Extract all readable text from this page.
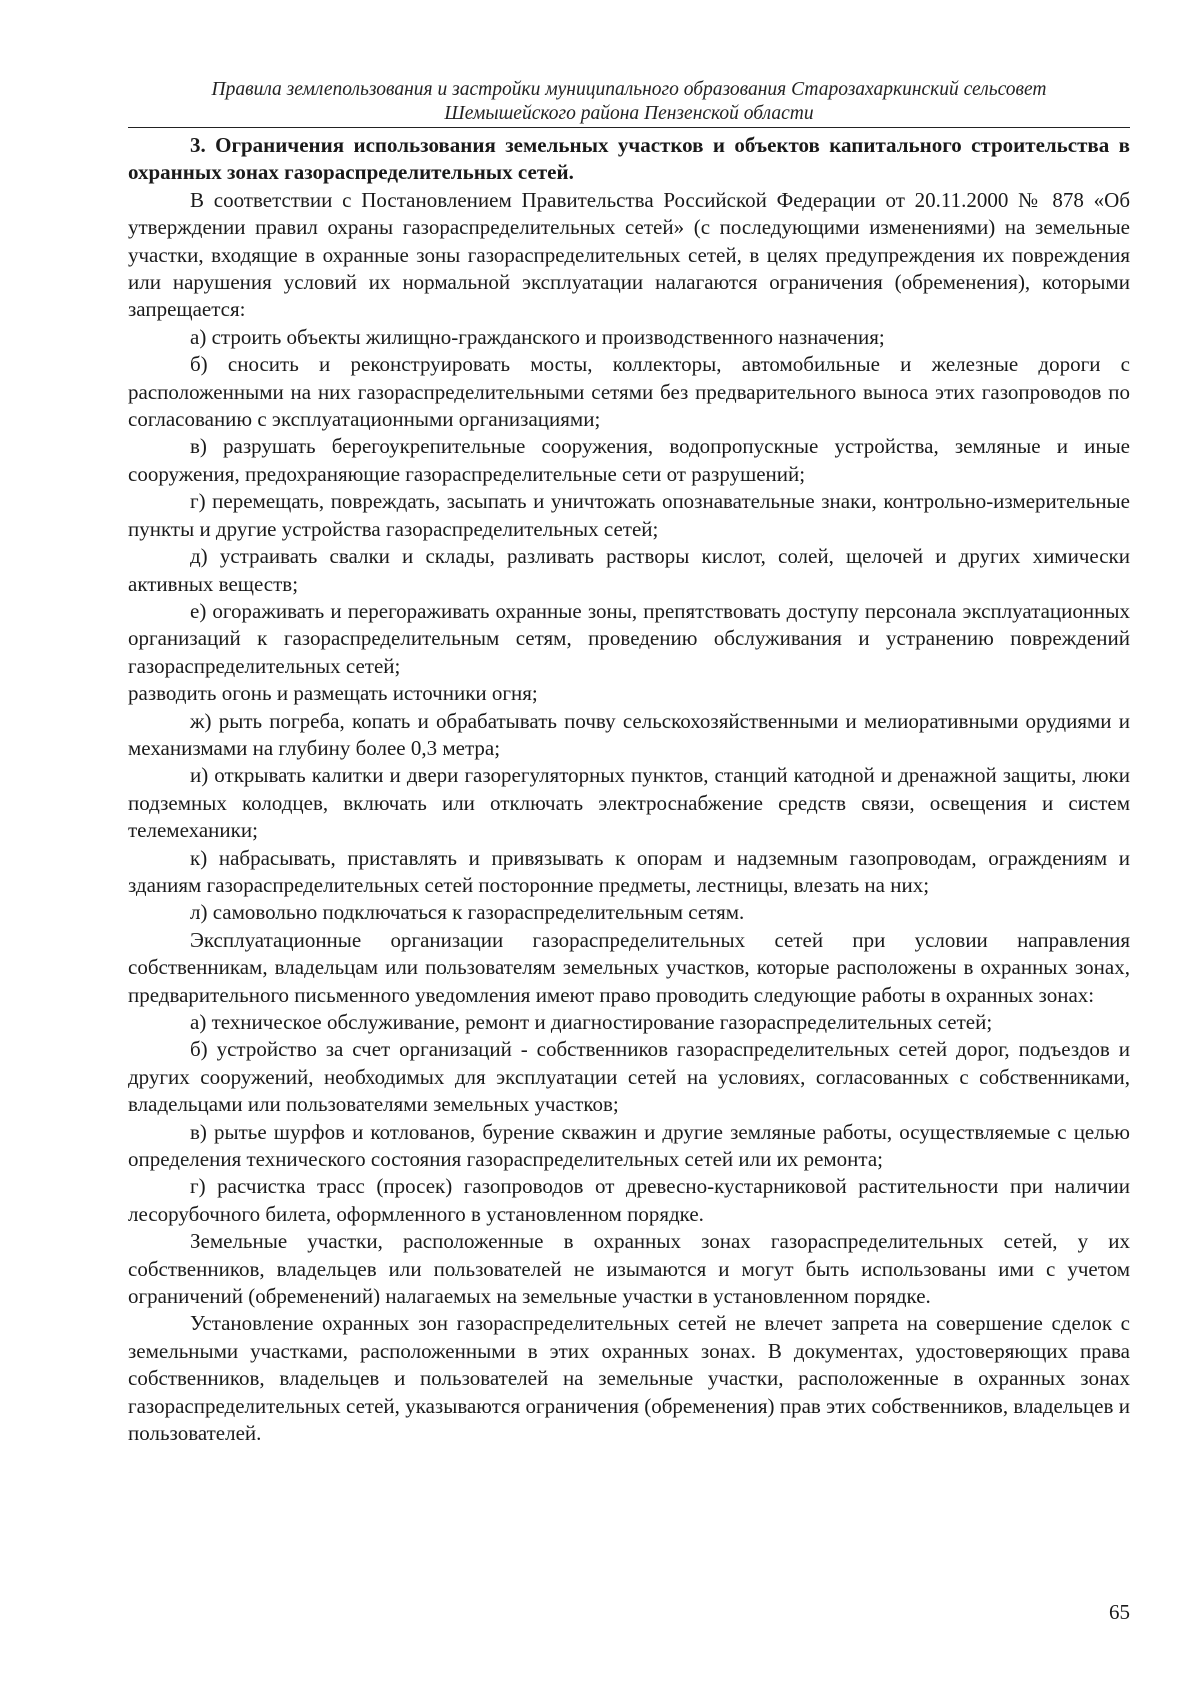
Правила землепользования и застройки муниципального образования Старозахаркинский сельсовет
Шемышейского района Пензенской области

3. Ограничения использования земельных участков и объектов капитального строительства в охранных зонах газораспределительных сетей.

В соответствии с Постановлением Правительства Российской Федерации от 20.11.2000 № 878 «Об утверждении правил охраны газораспределительных сетей» (с последующими изменениями) на земельные участки, входящие в охранные зоны газораспределительных сетей, в целях предупреждения их повреждения или нарушения условий их нормальной эксплуатации налагаются ограничения (обременения), которыми запрещается:

а) строить объекты жилищно-гражданского и производственного назначения;

б) сносить и реконструировать мосты, коллекторы, автомобильные и железные дороги с расположенными на них газораспределительными сетями без предварительного выноса этих газопроводов по согласованию с эксплуатационными организациями;

в) разрушать берегоукрепительные сооружения, водопропускные устройства, земляные и иные сооружения, предохраняющие газораспределительные сети от разрушений;

г) перемещать, повреждать, засыпать и уничтожать опознавательные знаки, контрольно-измерительные пункты и другие устройства газораспределительных сетей;

д) устраивать свалки и склады, разливать растворы кислот, солей, щелочей и других химически активных веществ;

е) огораживать и перегораживать охранные зоны, препятствовать доступу персонала эксплуатационных организаций к газораспределительным сетям, проведению обслуживания и устранению повреждений газораспределительных сетей;

разводить огонь и размещать источники огня;

ж) рыть погреба, копать и обрабатывать почву сельскохозяйственными и мелиоративными орудиями и механизмами на глубину более 0,3 метра;

и) открывать калитки и двери газорегуляторных пунктов, станций катодной и дренажной защиты, люки подземных колодцев, включать или отключать электроснабжение средств связи, освещения и систем телемеханики;

к) набрасывать, приставлять и привязывать к опорам и надземным газопроводам, ограждениям и зданиям газораспределительных сетей посторонние предметы, лестницы, влезать на них;

л) самовольно подключаться к газораспределительным сетям.

Эксплуатационные организации газораспределительных сетей при условии направления собственникам, владельцам или пользователям земельных участков, которые расположены в охранных зонах, предварительного письменного уведомления имеют право проводить следующие работы в охранных зонах:

а) техническое обслуживание, ремонт и диагностирование газораспределительных сетей;

б) устройство за счет организаций - собственников газораспределительных сетей дорог, подъездов и других сооружений, необходимых для эксплуатации сетей на условиях, согласованных с собственниками, владельцами или пользователями земельных участков;

в) рытье шурфов и котлованов, бурение скважин и другие земляные работы, осуществляемые с целью определения технического состояния газораспределительных сетей или их ремонта;

г) расчистка трасс (просек) газопроводов от древесно-кустарниковой растительности при наличии лесорубочного билета, оформленного в установленном порядке.

Земельные участки, расположенные в охранных зонах газораспределительных сетей, у их собственников, владельцев или пользователей не изымаются и могут быть использованы ими с учетом ограничений (обременений) налагаемых на земельные участки в установленном порядке.

Установление охранных зон газораспределительных сетей не влечет запрета на совершение сделок с земельными участками, расположенными в этих охранных зонах. В документах, удостоверяющих права собственников, владельцев и пользователей на земельные участки, расположенные в охранных зонах газораспределительных сетей, указываются ограничения (обременения) прав этих собственников, владельцев и пользователей.

65
